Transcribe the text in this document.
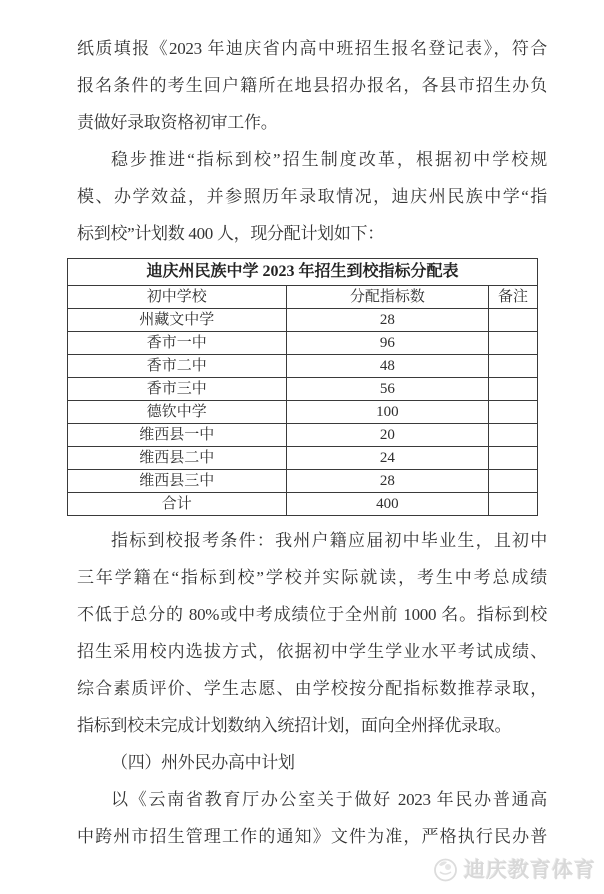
纸质填报《2023 年迪庆省内高中班招生报名登记表》，符合
报名条件的考生回户籍所在地县招办报名，各县市招生办负
责做好录取资格初审工作。
稳步推进“指标到校”招生制度改革，根据初中学校规
模、办学效益，并参照历年录取情况，迪庆州民族中学“指
标到校”计划数 400 人，现分配计划如下：
迪庆州民族中学 2023 年招生到校指标分配表		
初中学校	分配指标数	备注
州藏文中学	28	
香市一中	96	
香市二中	48	
香市三中	56	
德钦中学	100	
维西县一中	20	
维西县二中	24	
维西县三中	28	
合计	400	
指标到校报考条件：我州户籍应届初中毕业生，且初中
三年学籍在“指标到校”学校并实际就读，考生中考总成绩
不低于总分的 80%或中考成绩位于全州前 1000 名。指标到校
招生采用校内选拔方式，依据初中学生学业水平考试成绩、
综合素质评价、学生志愿、由学校按分配指标数推荐录取，
指标到校未完成计划数纳入统招计划，面向全州择优录取。
（四）州外民办高中计划
以《云南省教育厅办公室关于做好 2023 年民办普通高
中跨州市招生管理工作的通知》文件为准，严格执行民办普
迪庆教育体育
